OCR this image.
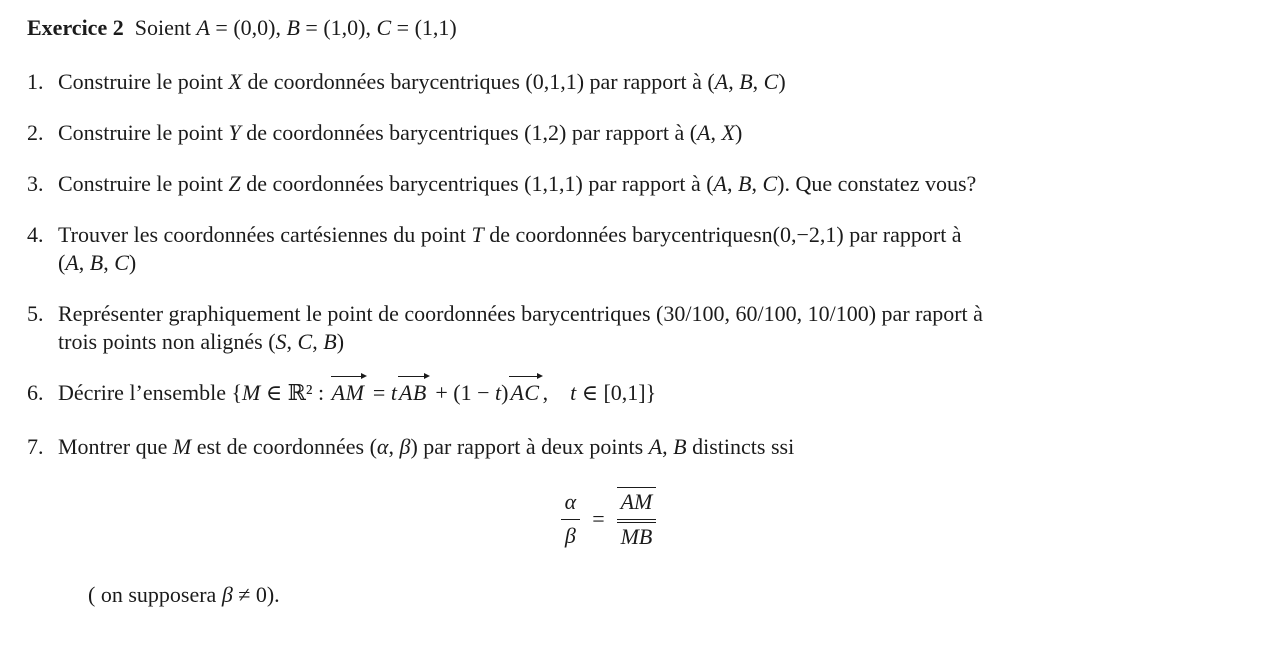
Exercice 2 Soient A = (0,0), B = (1,0), C = (1,1)
1. Construire le point X de coordonnées barycentriques (0,1,1) par rapport à (A, B, C)
2. Construire le point Y de coordonnées barycentriques (1,2) par rapport à (A, X)
3. Construire le point Z de coordonnées barycentriques (1,1,1) par rapport à (A, B, C). Que constatez vous?
4. Trouver les coordonnées cartésiennes du point T de coordonnées barycentriquesn(0,−2,1) par rapport à
(A, B, C)
5. Représenter graphiquement le point de coordonnées barycentriques (30/100, 60/100, 10/100) par raport à
trois points non alignés (S, C, B)
6. Décrire l’ensemble {M ∈ ℝ² : AM = tAB + (1 − t)AC ,    t ∈ [0,1]}
7. Montrer que M est de coordonnées (α, β) par rapport à deux points A, B distincts ssi
$\frac{\alpha}{\beta} = \frac{AM}{MB}$
( on supposera β ≠ 0).
